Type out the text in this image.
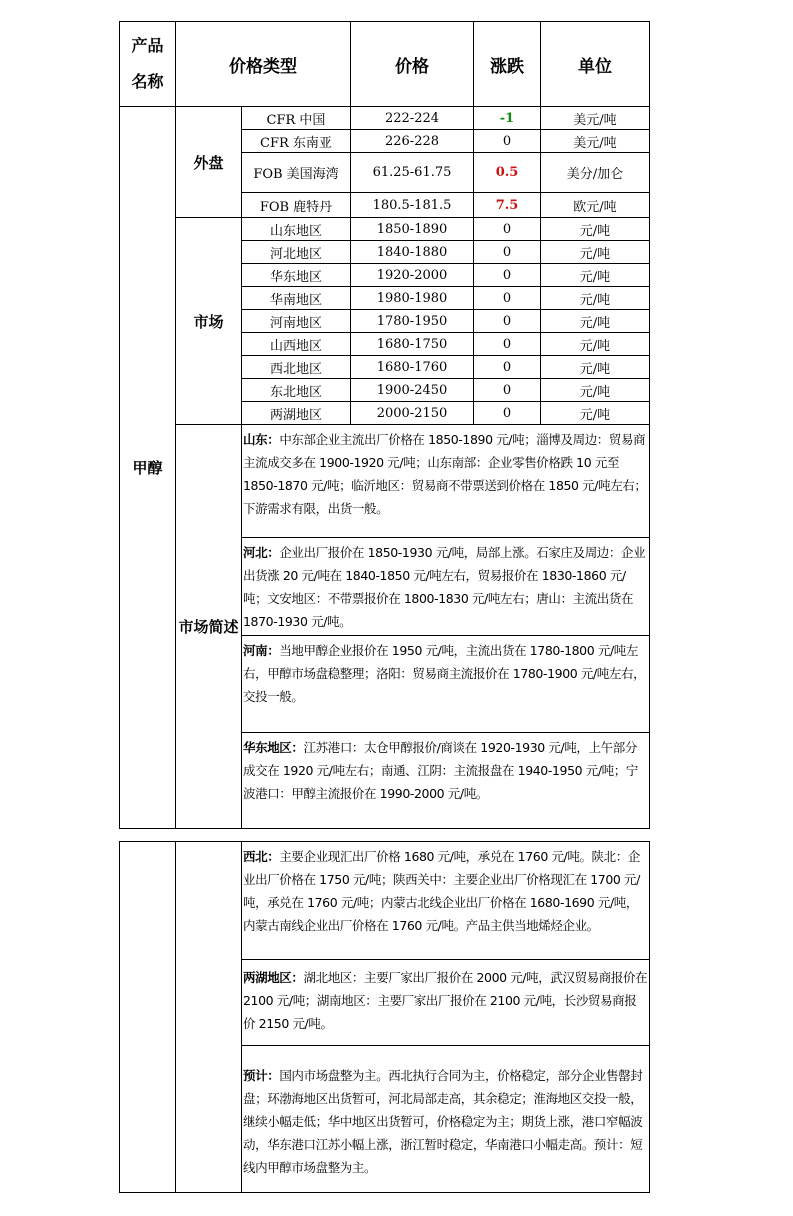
产品名称	价格类型		价格	涨跌	单位
甲醇	外盘	CFR 中国	222-224	-1	美元/吨
		CFR 东南亚	226-228	0	美元/吨
		FOB 美国海湾	61.25-61.75	0.5	美分/加仑
		FOB 鹿特丹	180.5-181.5	7.5	欧元/吨
	市场	山东地区	1850-1890	0	元/吨
		河北地区	1840-1880	0	元/吨
		华东地区	1920-2000	0	元/吨
		华南地区	1980-1980	0	元/吨
		河南地区	1780-1950	0	元/吨
		山西地区	1680-1750	0	元/吨
		西北地区	1680-1760	0	元/吨
		东北地区	1900-2450	0	元/吨
		两湖地区	2000-2150	0	元/吨
	市场简述	山东：中东部企业主流出厂价格在 1850-1890 元/吨；淄博及周边：贸易商主流成交多在 1900-1920 元/吨；山东南部：企业零售价格跌 10 元至 1850-1870 元/吨；临沂地区：贸易商不带票送到价格在 1850 元/吨左右；下游需求有限，出货一般。			
		河北：企业出厂报价在 1850-1930 元/吨，局部上涨。石家庄及周边：企业出货涨 20 元/吨在 1840-1850 元/吨左右，贸易报价在 1830-1860 元/吨；文安地区：不带票报价在 1800-1830 元/吨左右；唐山：主流出货在 1870-1930 元/吨。			
		河南：当地甲醇企业报价在 1950 元/吨，主流出货在 1780-1800 元/吨左右，甲醇市场盘稳整理；洛阳：贸易商主流报价在 1780-1900 元/吨左右，交投一般。			
		华东地区：江苏港口：太仓甲醇报价/商谈在 1920-1930 元/吨，上午部分成交在 1920 元/吨左右；南通、江阴：主流报盘在 1940-1950 元/吨；宁波港口：甲醇主流报价在 1990-2000 元/吨。			
		西北：主要企业现汇出厂价格 1680 元/吨，承兑在 1760 元/吨。陕北：企业出厂价格在 1750 元/吨；陕西关中：主要企业出厂价格现汇在 1700 元/吨，承兑在 1760 元/吨；内蒙古北线企业出厂价格在 1680-1690 元/吨，内蒙古南线企业出厂价格在 1760 元/吨。产品主供当地烯烃企业。
两湖地区：湖北地区：主要厂家出厂报价在 2000 元/吨，武汉贸易商报价在 2100 元/吨；湖南地区：主要厂家出厂报价在 2100 元/吨，长沙贸易商报价 2150 元/吨。
预计：国内市场盘整为主。西北执行合同为主，价格稳定，部分企业售罄封盘；环渤海地区出货暂可，河北局部走高，其余稳定；淮海地区交投一般，继续小幅走低；华中地区出货暂可，价格稳定为主；期货上涨，港口窄幅波动，华东港口江苏小幅上涨，浙江暂时稳定，华南港口小幅走高。预计：短线内甲醇市场盘整为主。
